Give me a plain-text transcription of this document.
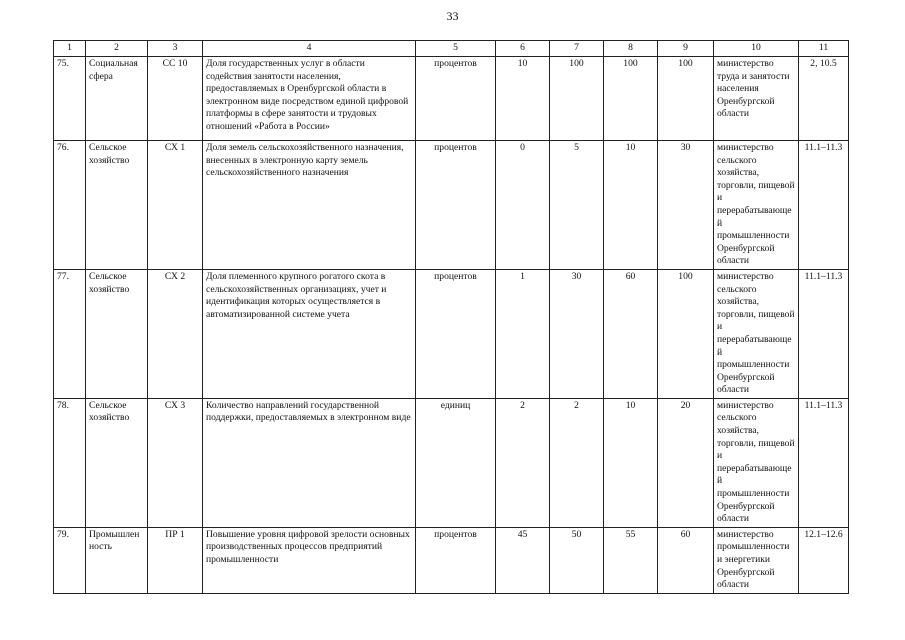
33
1	2	3	4	5	6	7	8	9	10	11
75.	Социальная сфера	СС 10	Доля государственных услуг в области содействия занятости населения, предоставляемых в Оренбургской области в электронном виде посредством единой цифровой платформы в сфере занятости и трудовых отношений «Работа в России»	процентов	10	100	100	100	министерство труда и занятости населения Оренбургской области	2, 10.5
76.	Сельское хозяйство	СХ 1	Доля земель сельскохозяйственного назначения, внесенных в электронную карту земель сельскохозяйственного назначения	процентов	0	5	10	30	министерство сельского хозяйства, торговли, пищевой и перерабатывающей промышленности Оренбургской области	11.1–11.3
77.	Сельское хозяйство	СХ 2	Доля племенного крупного рогатого скота в сельскохозяйственных организациях, учет и идентификация которых осуществляется в автоматизированной системе учета	процентов	1	30	60	100	министерство сельского хозяйства, торговли, пищевой и перерабатывающей промышленности Оренбургской области	11.1–11.3
78.	Сельское хозяйство	СХ 3	Количество направлений государственной поддержки, предоставляемых в электронном виде	единиц	2	2	10	20	министерство сельского хозяйства, торговли, пищевой и перерабатывающей промышленности Оренбургской области	11.1–11.3
79.	Промышленность	ПР 1	Повышение уровня цифровой зрелости основных производственных процессов предприятий промышленности	процентов	45	50	55	60	министерство промышленности и энергетики Оренбургской области	12.1–12.6
